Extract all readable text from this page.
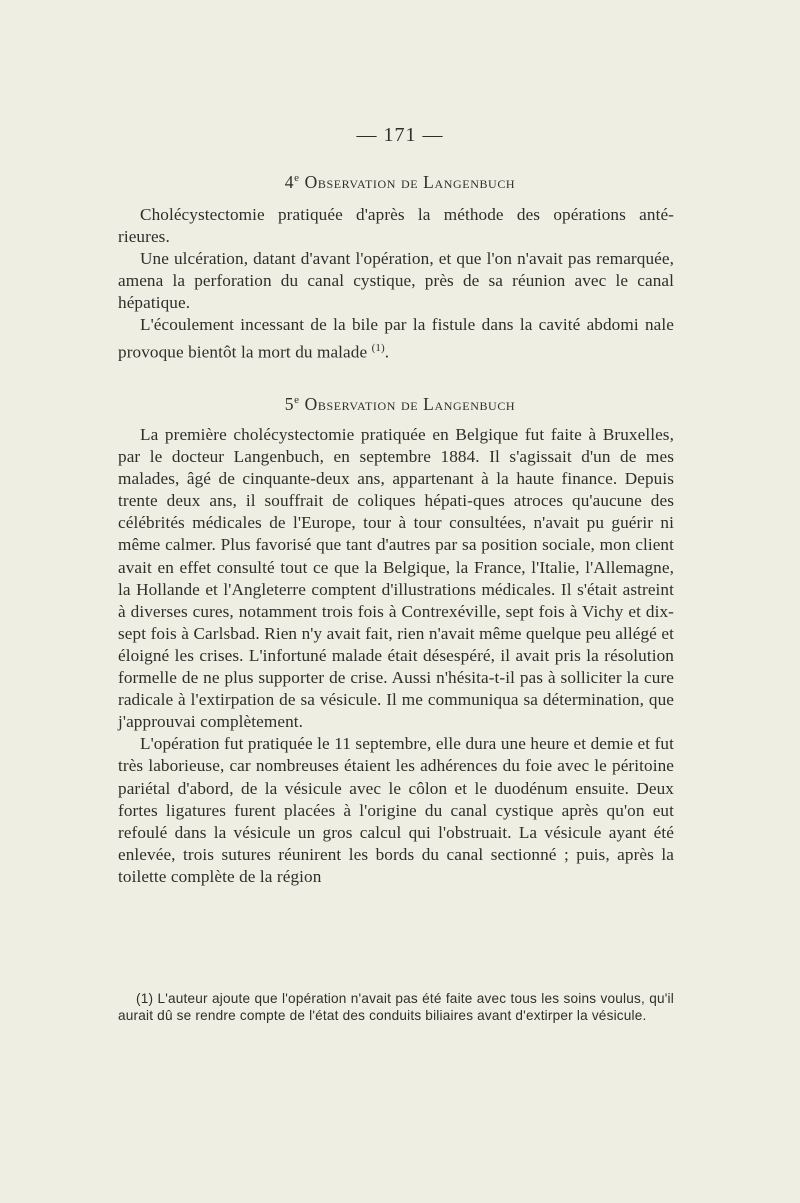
— 171 —
4e Observation de Langenbuch

Cholécystectomie pratiquée d'après la méthode des opérations anté-

rieures.

Une ulcération, datant d'avant l'opération, et que l'on n'avait pas remarquée, amena la perforation du canal cystique, près de sa réunion avec le canal hépatique.

L'écoulement incessant de la bile par la fistule dans la cavité abdomi nale provoque bientôt la mort du malade $^{(1)}$.

5e Observation de Langenbuch

La première cholécystectomie pratiquée en Belgique fut faite à Bruxelles, par le docteur Langenbuch, en septembre 1884. Il s'agissait d'un de mes malades, âgé de cinquante-deux ans, appartenant à la haute finance. Depuis trente deux ans, il souffrait de coliques hépati-ques atroces qu'aucune des célébrités médicales de l'Europe, tour à tour consultées, n'avait pu guérir ni même calmer. Plus favorisé que tant d'autres par sa position sociale, mon client avait en effet consulté tout ce que la Belgique, la France, l'Italie, l'Allemagne, la Hollande et l'Angleterre comptent d'illustrations médicales. Il s'était astreint à diverses cures, notamment trois fois à Contrexéville, sept fois à Vichy et dix-sept fois à Carlsbad. Rien n'y avait fait, rien n'avait même quelque peu allégé et éloigné les crises. L'infortuné malade était désespéré, il avait pris la résolution formelle de ne plus supporter de crise. Aussi n'hésita-t-il pas à solliciter la cure radicale à l'extirpation de sa vésicule. Il me communiqua sa détermination, que j'approuvai complètement.

L'opération fut pratiquée le 11 septembre, elle dura une heure et demie et fut très laborieuse, car nombreuses étaient les adhérences du foie avec le péritoine pariétal d'abord, de la vésicule avec le côlon et le duodénum ensuite. Deux fortes ligatures furent placées à l'origine du canal cystique après qu'on eut refoulé dans la vésicule un gros calcul qui l'obstruait. La vésicule ayant été enlevée, trois sutures réunirent les bords du canal sectionné ; puis, après la toilette complète de la région

(1) L'auteur ajoute que l'opération n'avait pas été faite avec tous les soins voulus, qu'il aurait dû se rendre compte de l'état des conduits biliaires avant d'extirper la vésicule.
